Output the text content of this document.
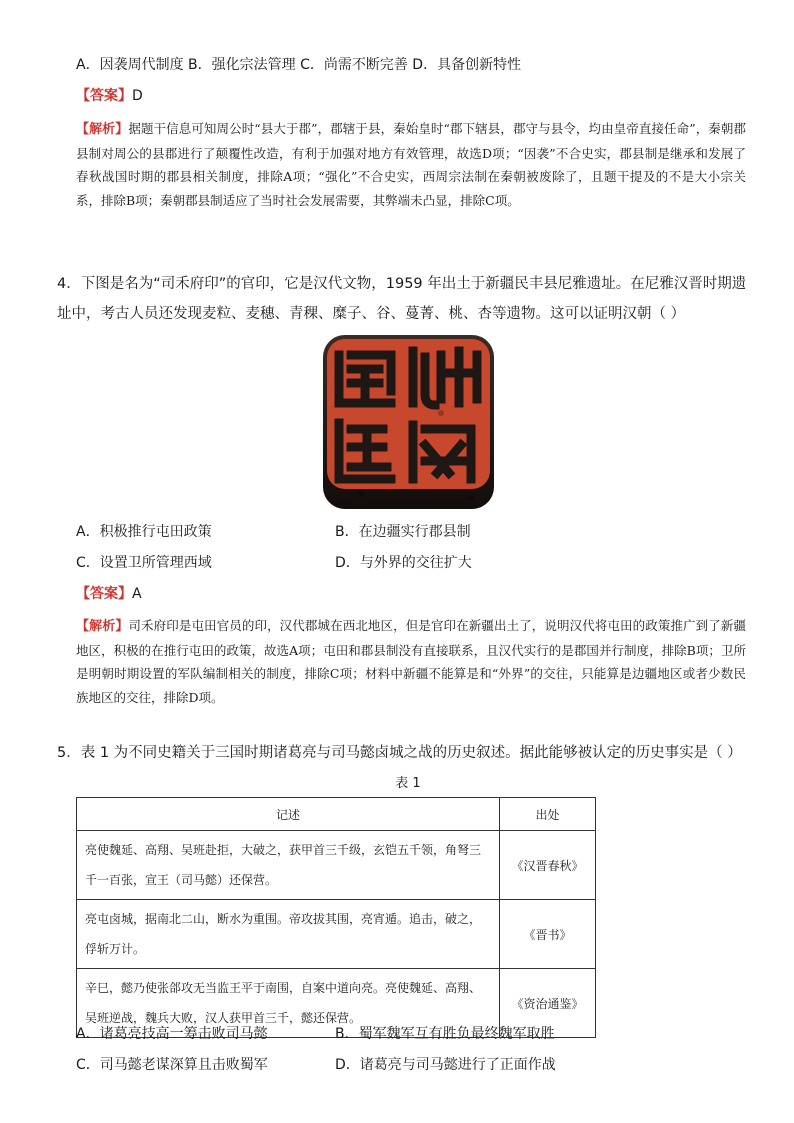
A．因袭周代制度 B．强化宗法管理 C．尚需不断完善 D．具备创新特性
【答案】D
【解析】据题干信息可知周公时“县大于郡”，郡辖于县，秦始皇时“郡下辖县，郡守与县令，均由皇帝直接任命”，秦朝郡县制对周公的县郡进行了颠覆性改造，有利于加强对地方有效管理，故选D项；“因袭”不合史实，郡县制是继承和发展了春秋战国时期的郡县相关制度，排除A项；“强化”不合史实，西周宗法制在秦朝被废除了，且题干提及的不是大小宗关系，排除B项；秦朝郡县制适应了当时社会发展需要，其弊端未凸显，排除C项。
4．下图是名为“司禾府印”的官印，它是汉代文物，1959 年出土于新疆民丰县尼雅遗址。在尼雅汉晋时期遗址中，考古人员还发现麦粒、麦穗、青稞、糜子、谷、蔓菁、桃、杏等遗物。这可以证明汉朝（ ）
A．积极推行屯田政策	B．在边疆实行郡县制
C．设置卫所管理西域	D．与外界的交往扩大
【答案】A
【解析】司禾府印是屯田官员的印，汉代郡城在西北地区，但是官印在新疆出土了，说明汉代将屯田的政策推广到了新疆地区，积极的在推行屯田的政策，故选A项；屯田和郡县制没有直接联系，且汉代实行的是郡国并行制度，排除B项；卫所是明朝时期设置的军队编制相关的制度，排除C项；材料中新疆不能算是和“外界”的交往，只能算是边疆地区或者少数民族地区的交往，排除D项。
5．表 1 为不同史籍关于三国时期诸葛亮与司马懿卤城之战的历史叙述。据此能够被认定的历史事实是（ ）
表 1
记述	出处
亮使魏延、高翔、吴班赴拒，大破之，获甲首三千级，玄铠五千领，角弩三千一百张，宣王（司马懿）还保营。	《汉晋春秋》
亮屯卤城，据南北二山，断水为重围。帝攻拔其围，亮宵遁。追击，破之，俘斩万计。	《晋书》
辛巳，懿乃使张郃攻无当监王平于南围，自案中道向亮。亮使魏延、高翔、吴班逆战，魏兵大败，汉人获甲首三千，懿还保营。	《资治通鉴》
A．诸葛亮技高一筹击败司马懿	B．蜀军魏军互有胜负最终魏军取胜
C．司马懿老谋深算且击败蜀军	D．诸葛亮与司马懿进行了正面作战
